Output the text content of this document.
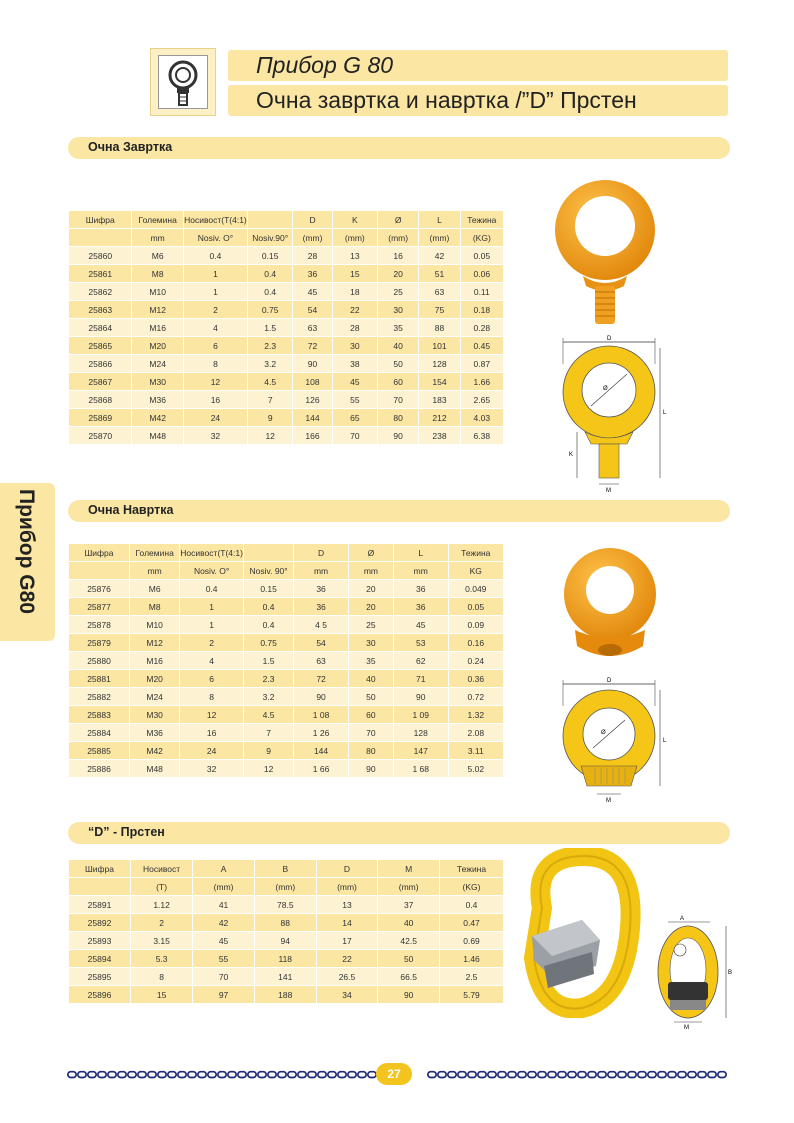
Прибор G 80
Очна завртка и навртка /”D” Прстен
Прибор G80
Очна Завртка
Шифра	Големина	Носивост(T(4:1)		D	K	Ø	L	Тежина
	mm	Nosiv. O°	Nosiv.90°	(mm)	(mm)	(mm)	(mm)	(KG)
25860	M6	0.4	0.15	28	13	16	42	0.05
25861	M8	1	0.4	36	15	20	51	0.06
25862	M10	1	0.4	45	18	25	63	0.11
25863	M12	2	0.75	54	22	30	75	0.18
25864	M16	4	1.5	63	28	35	88	0.28
25865	M20	6	2.3	72	30	40	101	0.45
25866	M24	8	3.2	90	38	50	128	0.87
25867	M30	12	4.5	108	45	60	154	1.66
25868	M36	16	7	126	55	70	183	2.65
25869	M42	24	9	144	65	80	212	4.03
25870	M48	32	12	166	70	90	238	6.38
D
Ø
L
K
M
Очна Навртка
Шифра	Големина	Носивост(T(4:1)		D	Ø	L	Тежина
	mm	Nosiv. O°	Nosiv. 90°	mm	mm	mm	KG
25876	M6	0.4	0.15	36	20	36	0.049
25877	M8	1	0.4	36	20	36	0.05
25878	M10	1	0.4	4 5	25	45	0.09
25879	M12	2	0.75	54	30	53	0.16
25880	M16	4	1.5	63	35	62	0.24
25881	M20	6	2.3	72	40	71	0.36
25882	M24	8	3.2	90	50	90	0.72
25883	M30	12	4.5	1 08	60	1 09	1.32
25884	M36	16	7	1 26	70	128	2.08
25885	M42	24	9	144	80	147	3.11
25886	M48	32	12	1 66	90	1 68	5.02
D
Ø
L
M
“D” - Прстен
Шифра	Носивост	A	B	D	M	Тежина
	(T)	(mm)	(mm)	(mm)	(mm)	(KG)
25891	1.12	41	78.5	13	37	0.4
25892	2	42	88	14	40	0.47
25893	3.15	45	94	17	42.5	0.69
25894	5.3	55	118	22	50	1.46
25895	8	70	141	26.5	66.5	2.5
25896	15	97	188	34	90	5.79
A
B
M
27
